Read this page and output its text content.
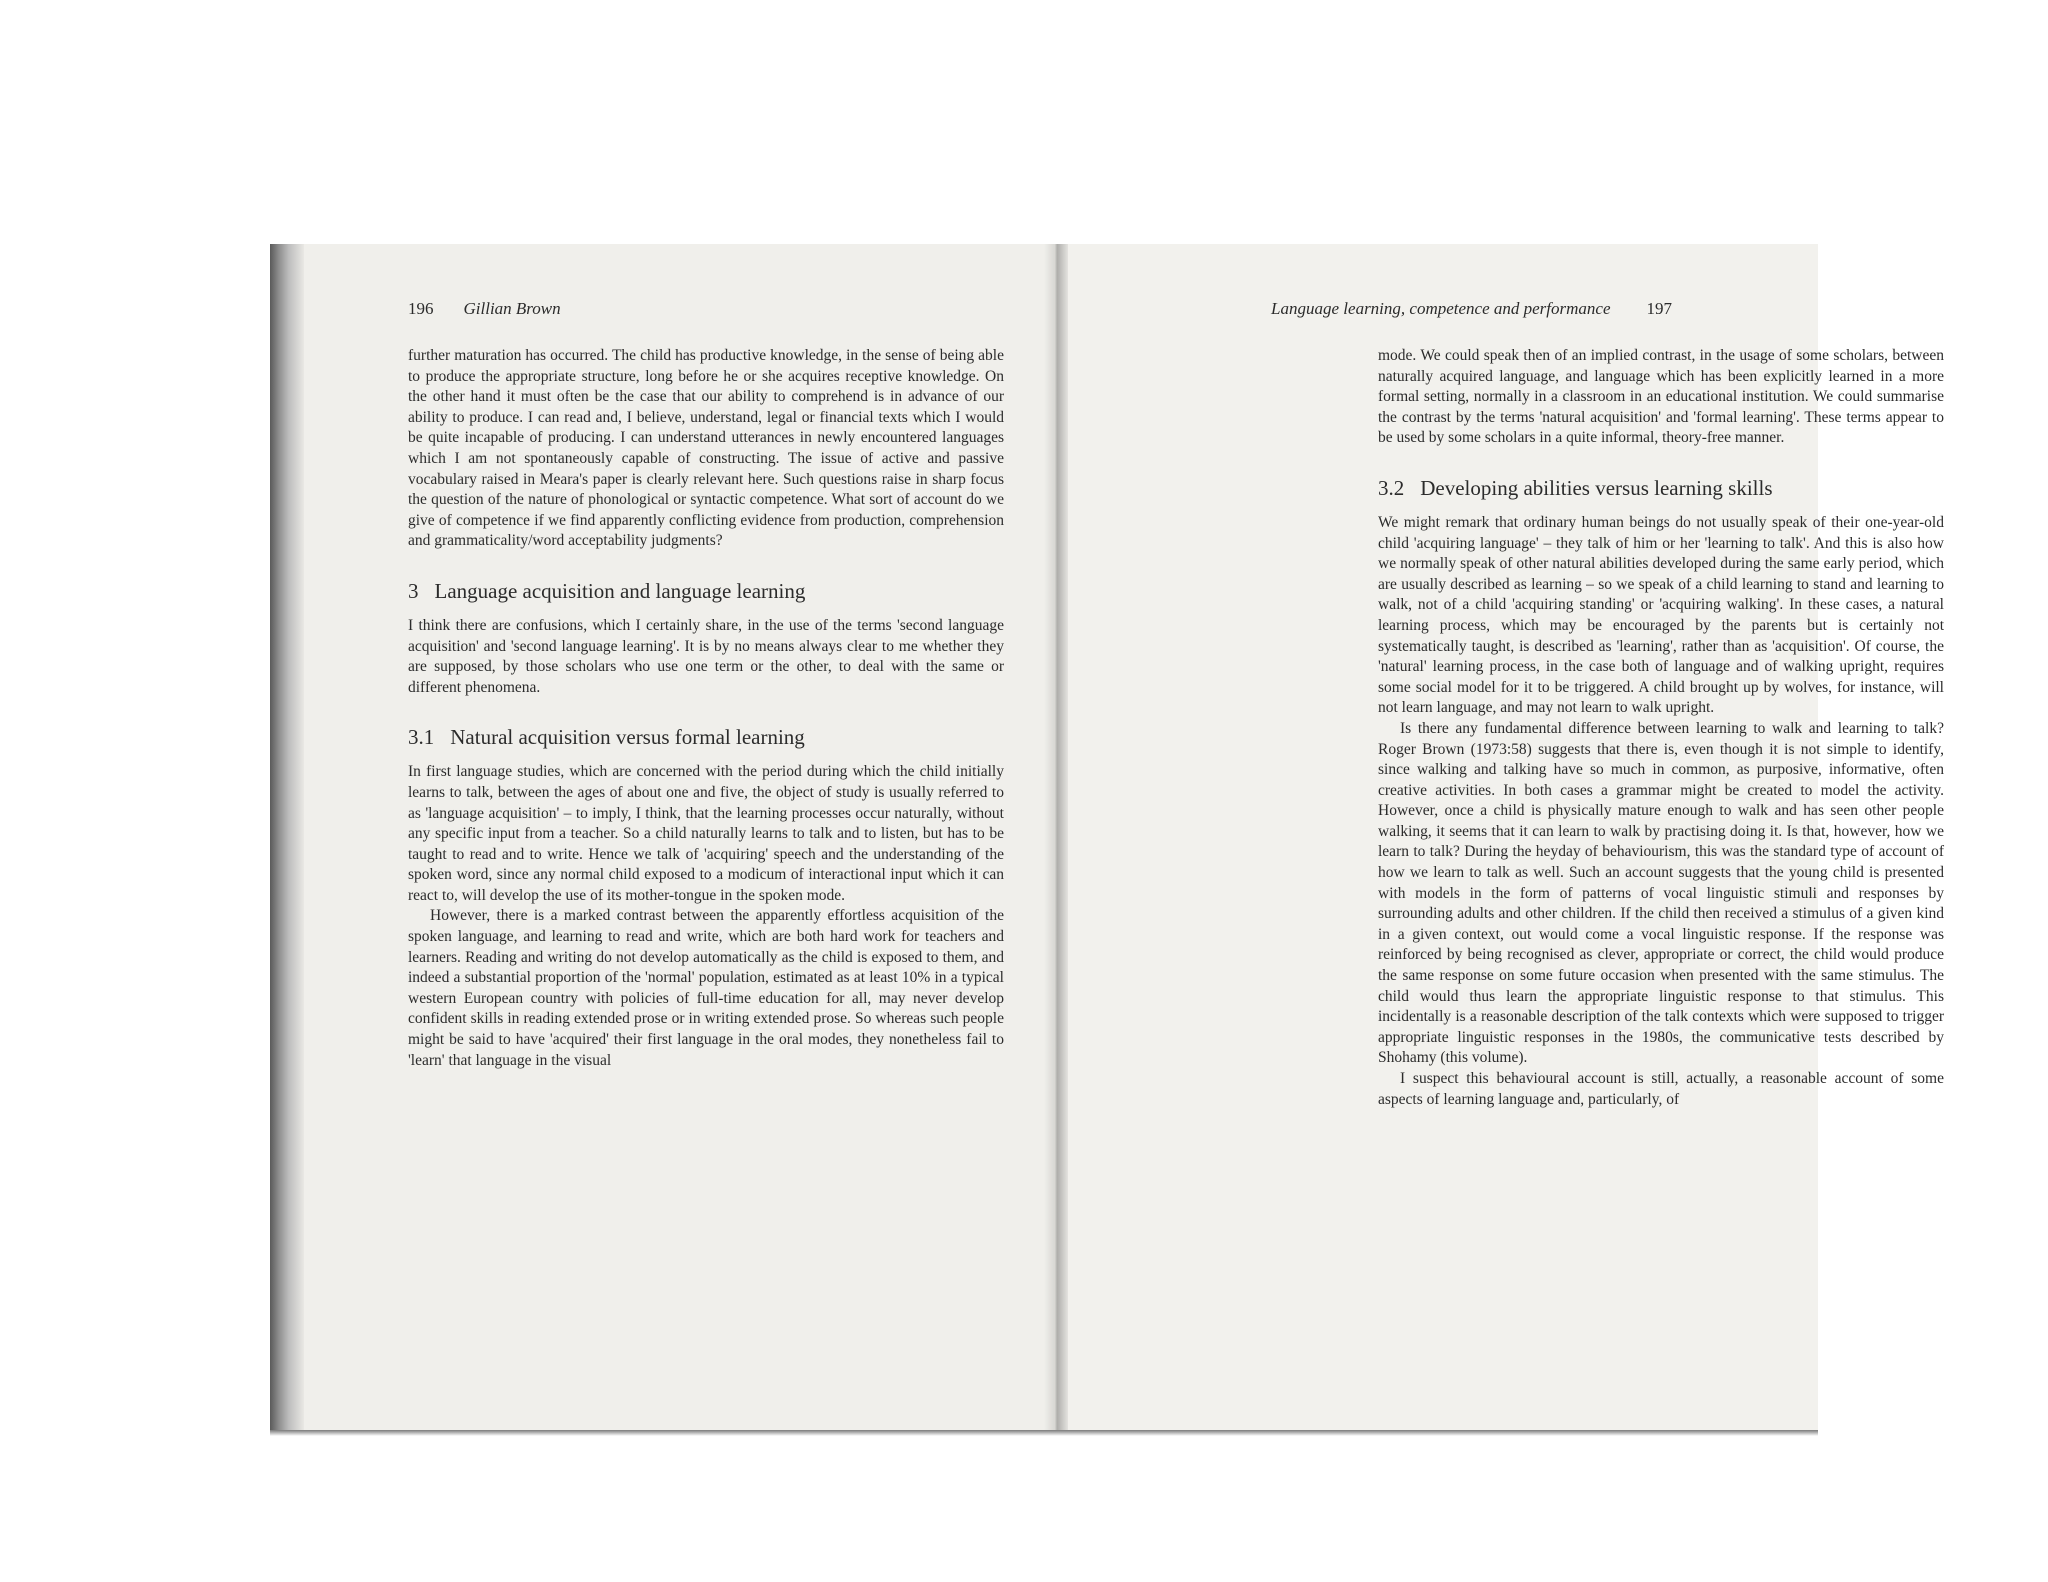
196 Gillian Brown

further maturation has occurred. The child has productive knowledge, in the sense of being able to produce the appropriate structure, long before he or she acquires receptive knowledge. On the other hand it must often be the case that our ability to comprehend is in advance of our ability to produce. I can read and, I believe, understand, legal or financial texts which I would be quite incapable of producing. I can understand utterances in newly encountered languages which I am not spontaneously capable of constructing. The issue of active and passive vocabulary raised in Meara's paper is clearly relevant here. Such questions raise in sharp focus the question of the nature of phonological or syntactic competence. What sort of account do we give of competence if we find apparently conflicting evidence from production, comprehension and grammaticality/word acceptability judgments?

3 Language acquisition and language learning

I think there are confusions, which I certainly share, in the use of the terms 'second language acquisition' and 'second language learning'. It is by no means always clear to me whether they are supposed, by those scholars who use one term or the other, to deal with the same or different phenomena.

3.1 Natural acquisition versus formal learning

In first language studies, which are concerned with the period during which the child initially learns to talk, between the ages of about one and five, the object of study is usually referred to as 'language acquisition' – to imply, I think, that the learning processes occur naturally, without any specific input from a teacher. So a child naturally learns to talk and to listen, but has to be taught to read and to write. Hence we talk of 'acquiring' speech and the understanding of the spoken word, since any normal child exposed to a modicum of interactional input which it can react to, will develop the use of its mother-tongue in the spoken mode.

However, there is a marked contrast between the apparently effortless acquisition of the spoken language, and learning to read and write, which are both hard work for teachers and learners. Reading and writing do not develop automatically as the child is exposed to them, and indeed a substantial proportion of the 'normal' population, estimated as at least 10% in a typical western European country with policies of full-time education for all, may never develop confident skills in reading extended prose or in writing extended prose. So whereas such people might be said to have 'acquired' their first language in the oral modes, they nonetheless fail to 'learn' that language in the visual

Language learning, competence and performance 197

mode. We could speak then of an implied contrast, in the usage of some scholars, between naturally acquired language, and language which has been explicitly learned in a more formal setting, normally in a classroom in an educational institution. We could summarise the contrast by the terms 'natural acquisition' and 'formal learning'. These terms appear to be used by some scholars in a quite informal, theory-free manner.

3.2 Developing abilities versus learning skills

We might remark that ordinary human beings do not usually speak of their one-year-old child 'acquiring language' – they talk of him or her 'learning to talk'. And this is also how we normally speak of other natural abilities developed during the same early period, which are usually described as learning – so we speak of a child learning to stand and learning to walk, not of a child 'acquiring standing' or 'acquiring walking'. In these cases, a natural learning process, which may be encouraged by the parents but is certainly not systematically taught, is described as 'learning', rather than as 'acquisition'. Of course, the 'natural' learning process, in the case both of language and of walking upright, requires some social model for it to be triggered. A child brought up by wolves, for instance, will not learn language, and may not learn to walk upright.

Is there any fundamental difference between learning to walk and learning to talk? Roger Brown (1973:58) suggests that there is, even though it is not simple to identify, since walking and talking have so much in common, as purposive, informative, often creative activities. In both cases a grammar might be created to model the activity. However, once a child is physically mature enough to walk and has seen other people walking, it seems that it can learn to walk by practising doing it. Is that, however, how we learn to talk? During the heyday of behaviourism, this was the standard type of account of how we learn to talk as well. Such an account suggests that the young child is presented with models in the form of patterns of vocal linguistic stimuli and responses by surrounding adults and other children. If the child then received a stimulus of a given kind in a given context, out would come a vocal linguistic response. If the response was reinforced by being recognised as clever, appropriate or correct, the child would produce the same response on some future occasion when presented with the same stimulus. The child would thus learn the appropriate linguistic response to that stimulus. This incidentally is a reasonable description of the talk contexts which were supposed to trigger appropriate linguistic responses in the 1980s, the communicative tests described by Shohamy (this volume).

I suspect this behavioural account is still, actually, a reasonable account of some aspects of learning language and, particularly, of
